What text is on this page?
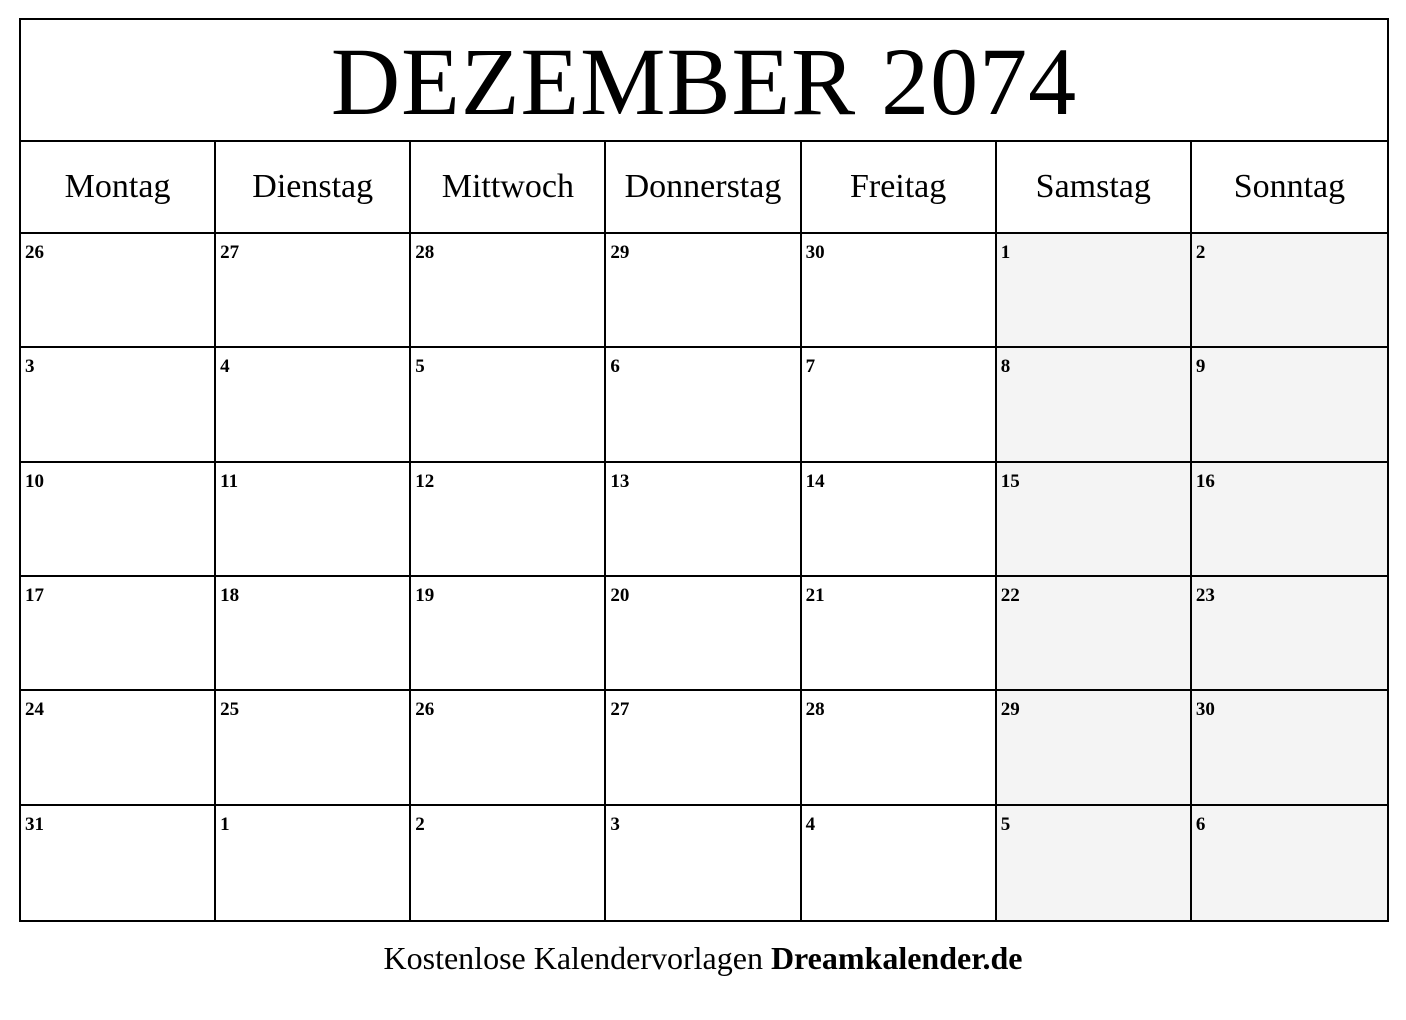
DEZEMBER 2074
Montag	Dienstag	Mittwoch	Donnerstag	Freitag	Samstag	Sonntag
26	27	28	29	30	1	2
3	4	5	6	7	8	9
10	11	12	13	14	15	16
17	18	19	20	21	22	23
24	25	26	27	28	29	30
31	1	2	3	4	5	6
Kostenlose Kalendervorlagen Dreamkalender.de
